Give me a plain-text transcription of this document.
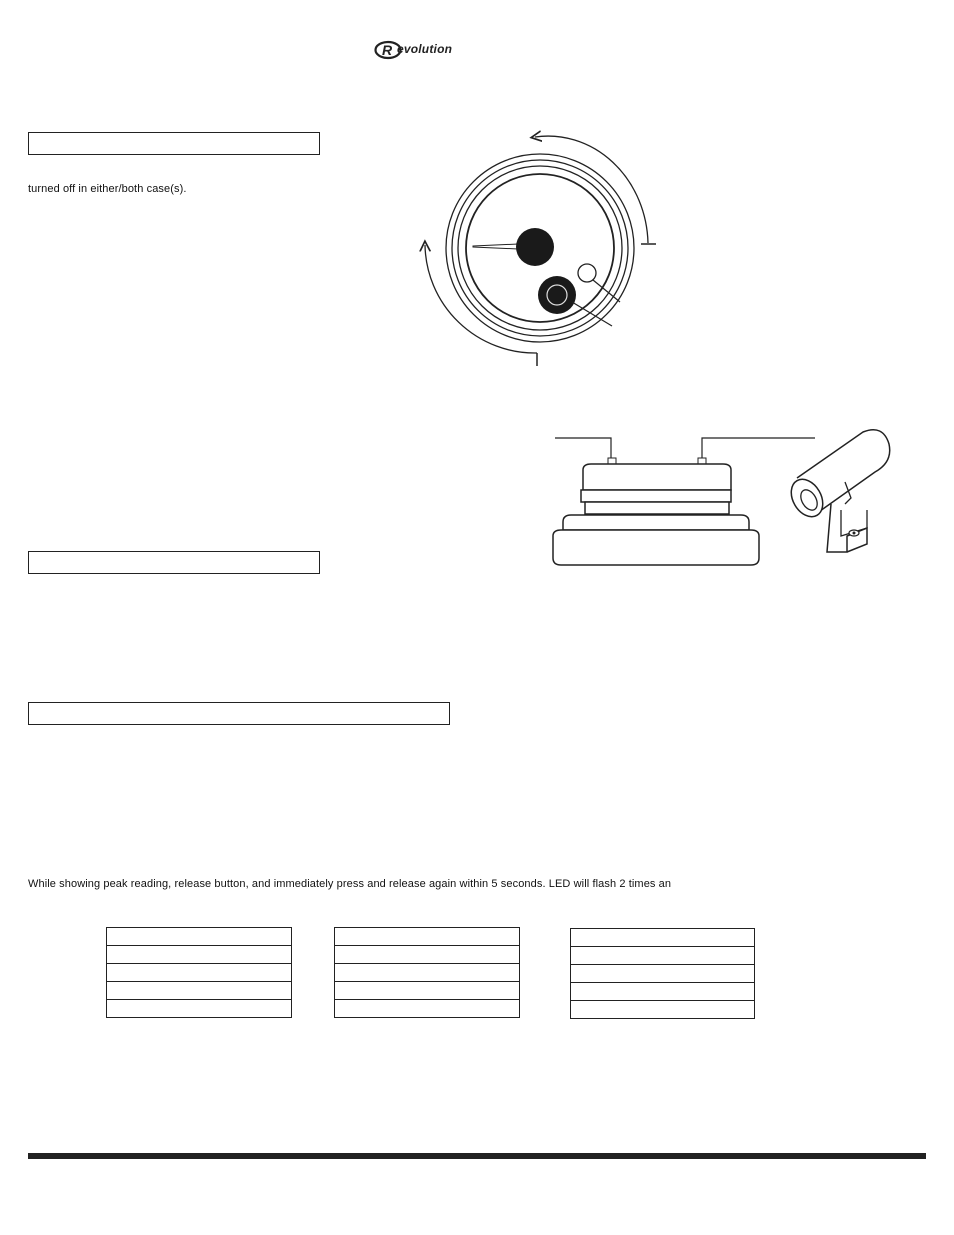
R evolution
turned off in either/both case(s).
While showing peak reading, release button, and immediately press and release again within 5 seconds. LED will flash 2 times an
